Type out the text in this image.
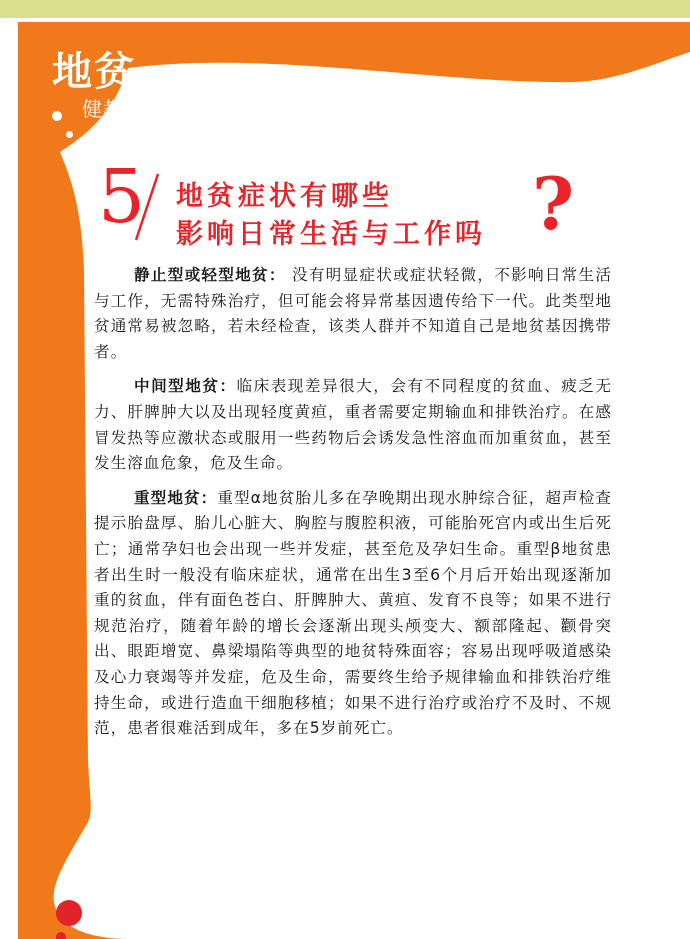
地贫
健教知识
5 地贫症状有哪些
影响日常生活与工作吗 ?

静止型或轻型地贫： 没有明显症状或症状轻微，不影响日常生活与工作，无需特殊治疗，但可能会将异常基因遗传给下一代。此类型地贫通常易被忽略，若未经检查，该类人群并不知道自己是地贫基因携带者。

中间型地贫：临床表现差异很大，会有不同程度的贫血、疲乏无力、肝脾肿大以及出现轻度黄疸，重者需要定期输血和排铁治疗。在感冒发热等应激状态或服用一些药物后会诱发急性溶血而加重贫血，甚至发生溶血危象，危及生命。

重型地贫：重型α地贫胎儿多在孕晚期出现水肿综合征，超声检查提示胎盘厚、胎儿心脏大、胸腔与腹腔积液，可能胎死宫内或出生后死亡；通常孕妇也会出现一些并发症，甚至危及孕妇生命。重型β地贫患者出生时一般没有临床症状，通常在出生3至6个月后开始出现逐渐加重的贫血，伴有面色苍白、肝脾肿大、黄疸、发育不良等；如果不进行规范治疗，随着年龄的增长会逐渐出现头颅变大、额部隆起、颧骨突出、眼距增宽、鼻梁塌陷等典型的地贫特殊面容；容易出现呼吸道感染及心力衰竭等并发症，危及生命，需要终生给予规律输血和排铁治疗维持生命，或进行造血干细胞移植；如果不进行治疗或治疗不及时、不规范，患者很难活到成年，多在5岁前死亡。
